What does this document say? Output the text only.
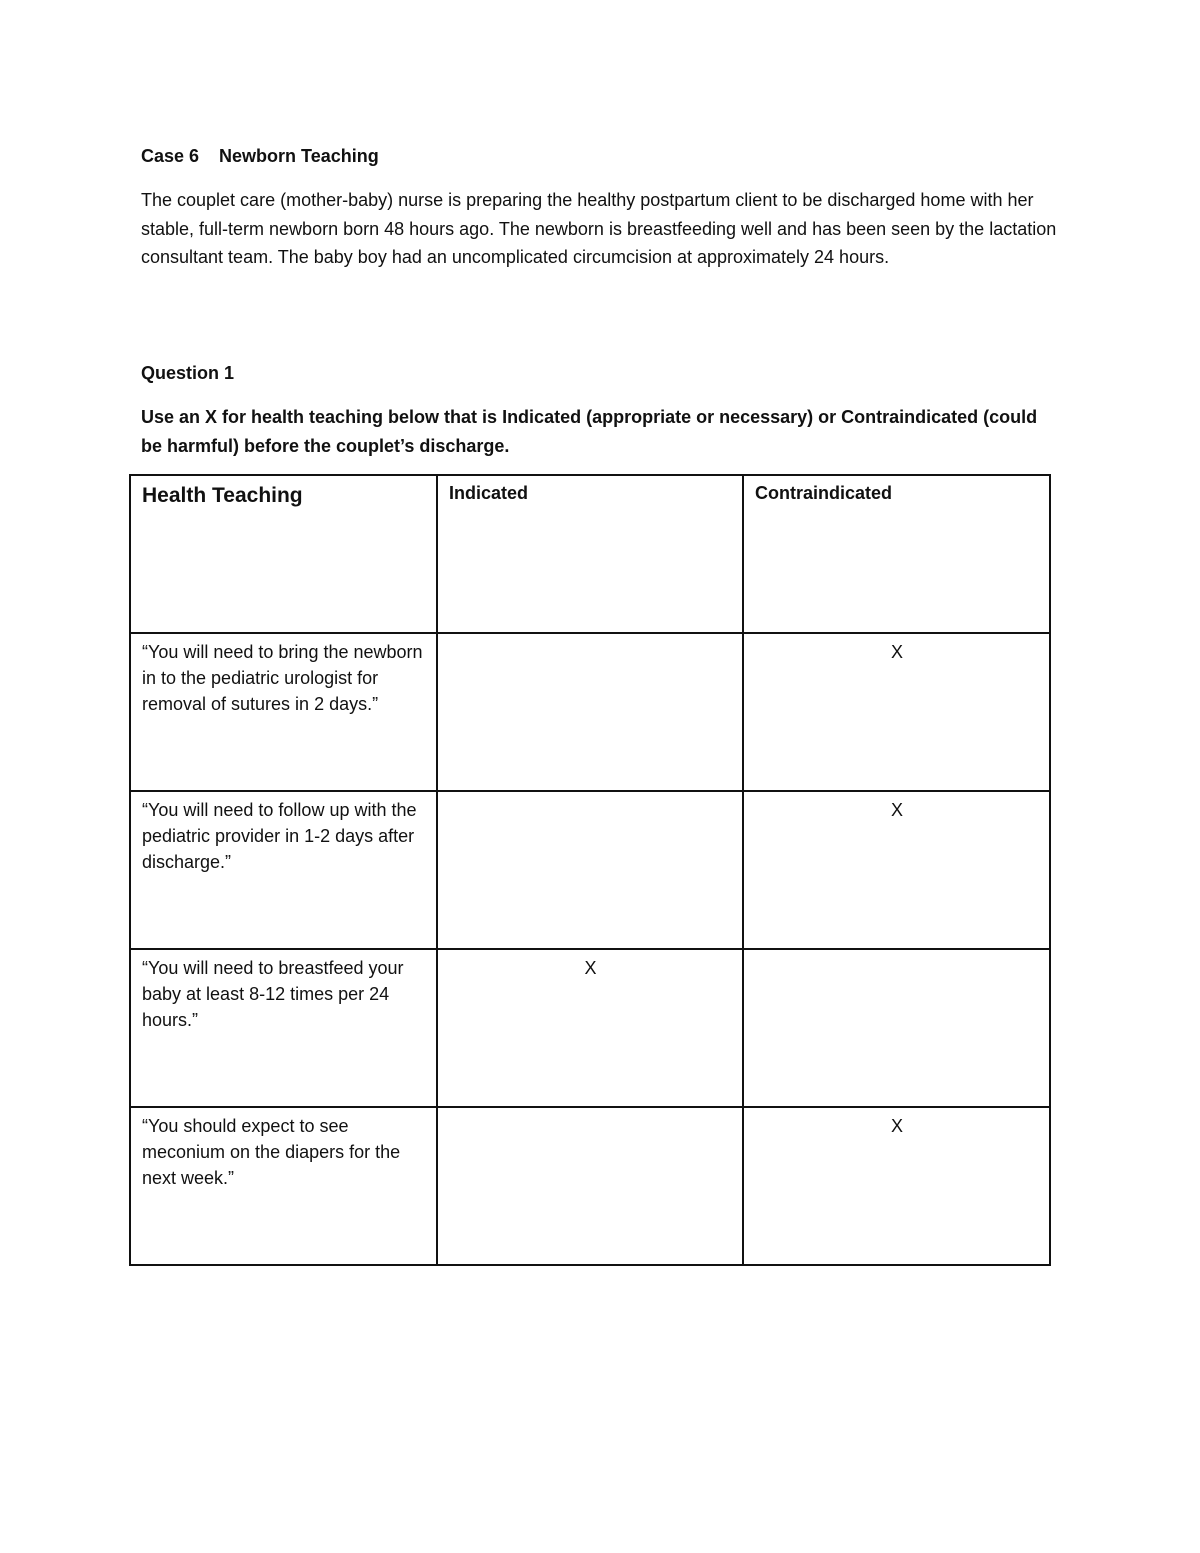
Case 6    Newborn Teaching
The couplet care (mother-baby) nurse is preparing the healthy postpartum client to be discharged home with her stable, full-term newborn born 48 hours ago. The newborn is breastfeeding well and has been seen by the lactation consultant team. The baby boy had an uncomplicated circumcision at approximately 24 hours.
Question 1
Use an X for health teaching below that is Indicated (appropriate or necessary) or Contraindicated (could be harmful) before the couplet’s discharge.
Health Teaching	Indicated	Contraindicated

“You will need to bring the newborn in to the pediatric urologist for removal of sutures in 2 days.”		X

“You will need to follow up with the pediatric provider in 1-2 days after discharge.”		X

“You will need to breastfeed your baby at least 8-12 times per 24 hours.”	X	

“You should expect to see meconium on the diapers for the next week.”		X
